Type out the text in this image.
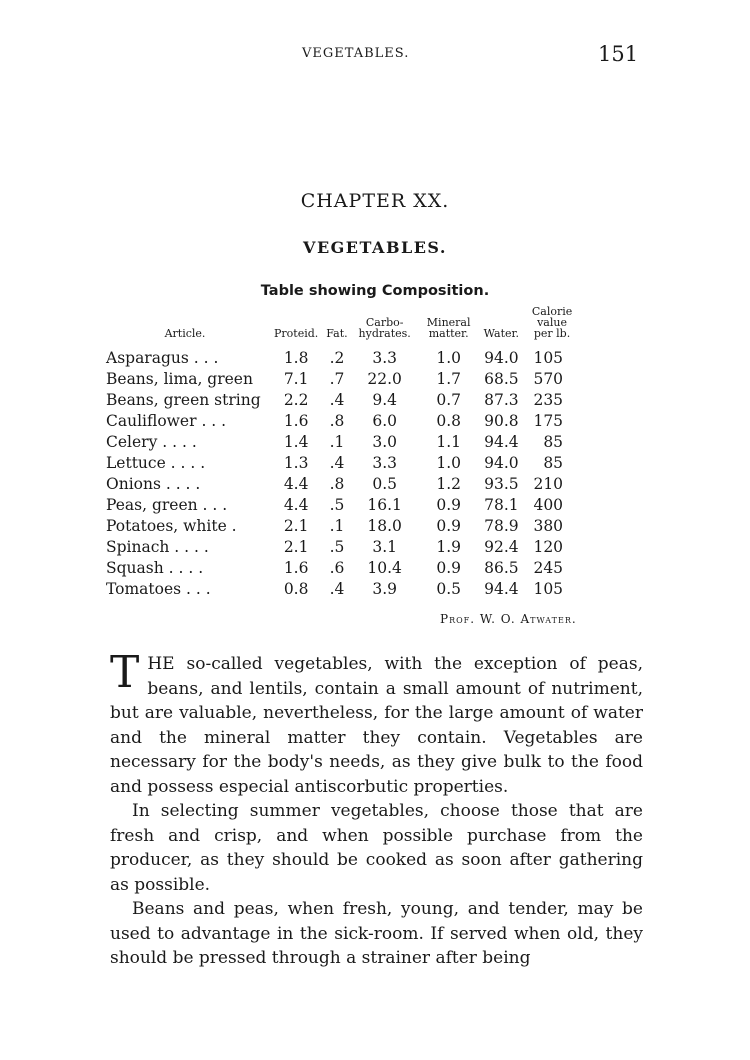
VEGETABLES.	151
CHAPTER XX.
VEGETABLES.
Table showing Composition.
Article.	Proteid.	Fat.	Carbo-hydrates.	Mineral matter.	Water.	Calorie value per lb.
Asparagus . . .	1.8	.2	3.3	1.0	94.0	105
Beans, lima, green	7.1	.7	22.0	1.7	68.5	570
Beans, green string	2.2	.4	9.4	0.7	87.3	235
Cauliflower . . .	1.6	.8	6.0	0.8	90.8	175
Celery . . . .	1.4	.1	3.0	1.1	94.4	85
Lettuce . . . .	1.3	.4	3.3	1.0	94.0	85
Onions . . . .	4.4	.8	0.5	1.2	93.5	210
Peas, green . . .	4.4	.5	16.1	0.9	78.1	400
Potatoes, white .	2.1	.1	18.0	0.9	78.9	380
Spinach . . . .	2.1	.5	3.1	1.9	92.4	120
Squash . . . .	1.6	.6	10.4	0.9	86.5	245
Tomatoes . . .	0.8	.4	3.9	0.5	94.4	105
Prof. W. O. Atwater.

THE so-called vegetables, with the exception of peas, beans, and lentils, contain a small amount of nutriment, but are valuable, nevertheless, for the large amount of water and the mineral matter they contain. Vegetables are necessary for the body's needs, as they give bulk to the food and possess especial antiscorbutic properties.

In selecting summer vegetables, choose those that are fresh and crisp, and when possible purchase from the producer, as they should be cooked as soon after gathering as possible.

Beans and peas, when fresh, young, and tender, may be used to advantage in the sick-room. If served when old, they should be pressed through a strainer after being
